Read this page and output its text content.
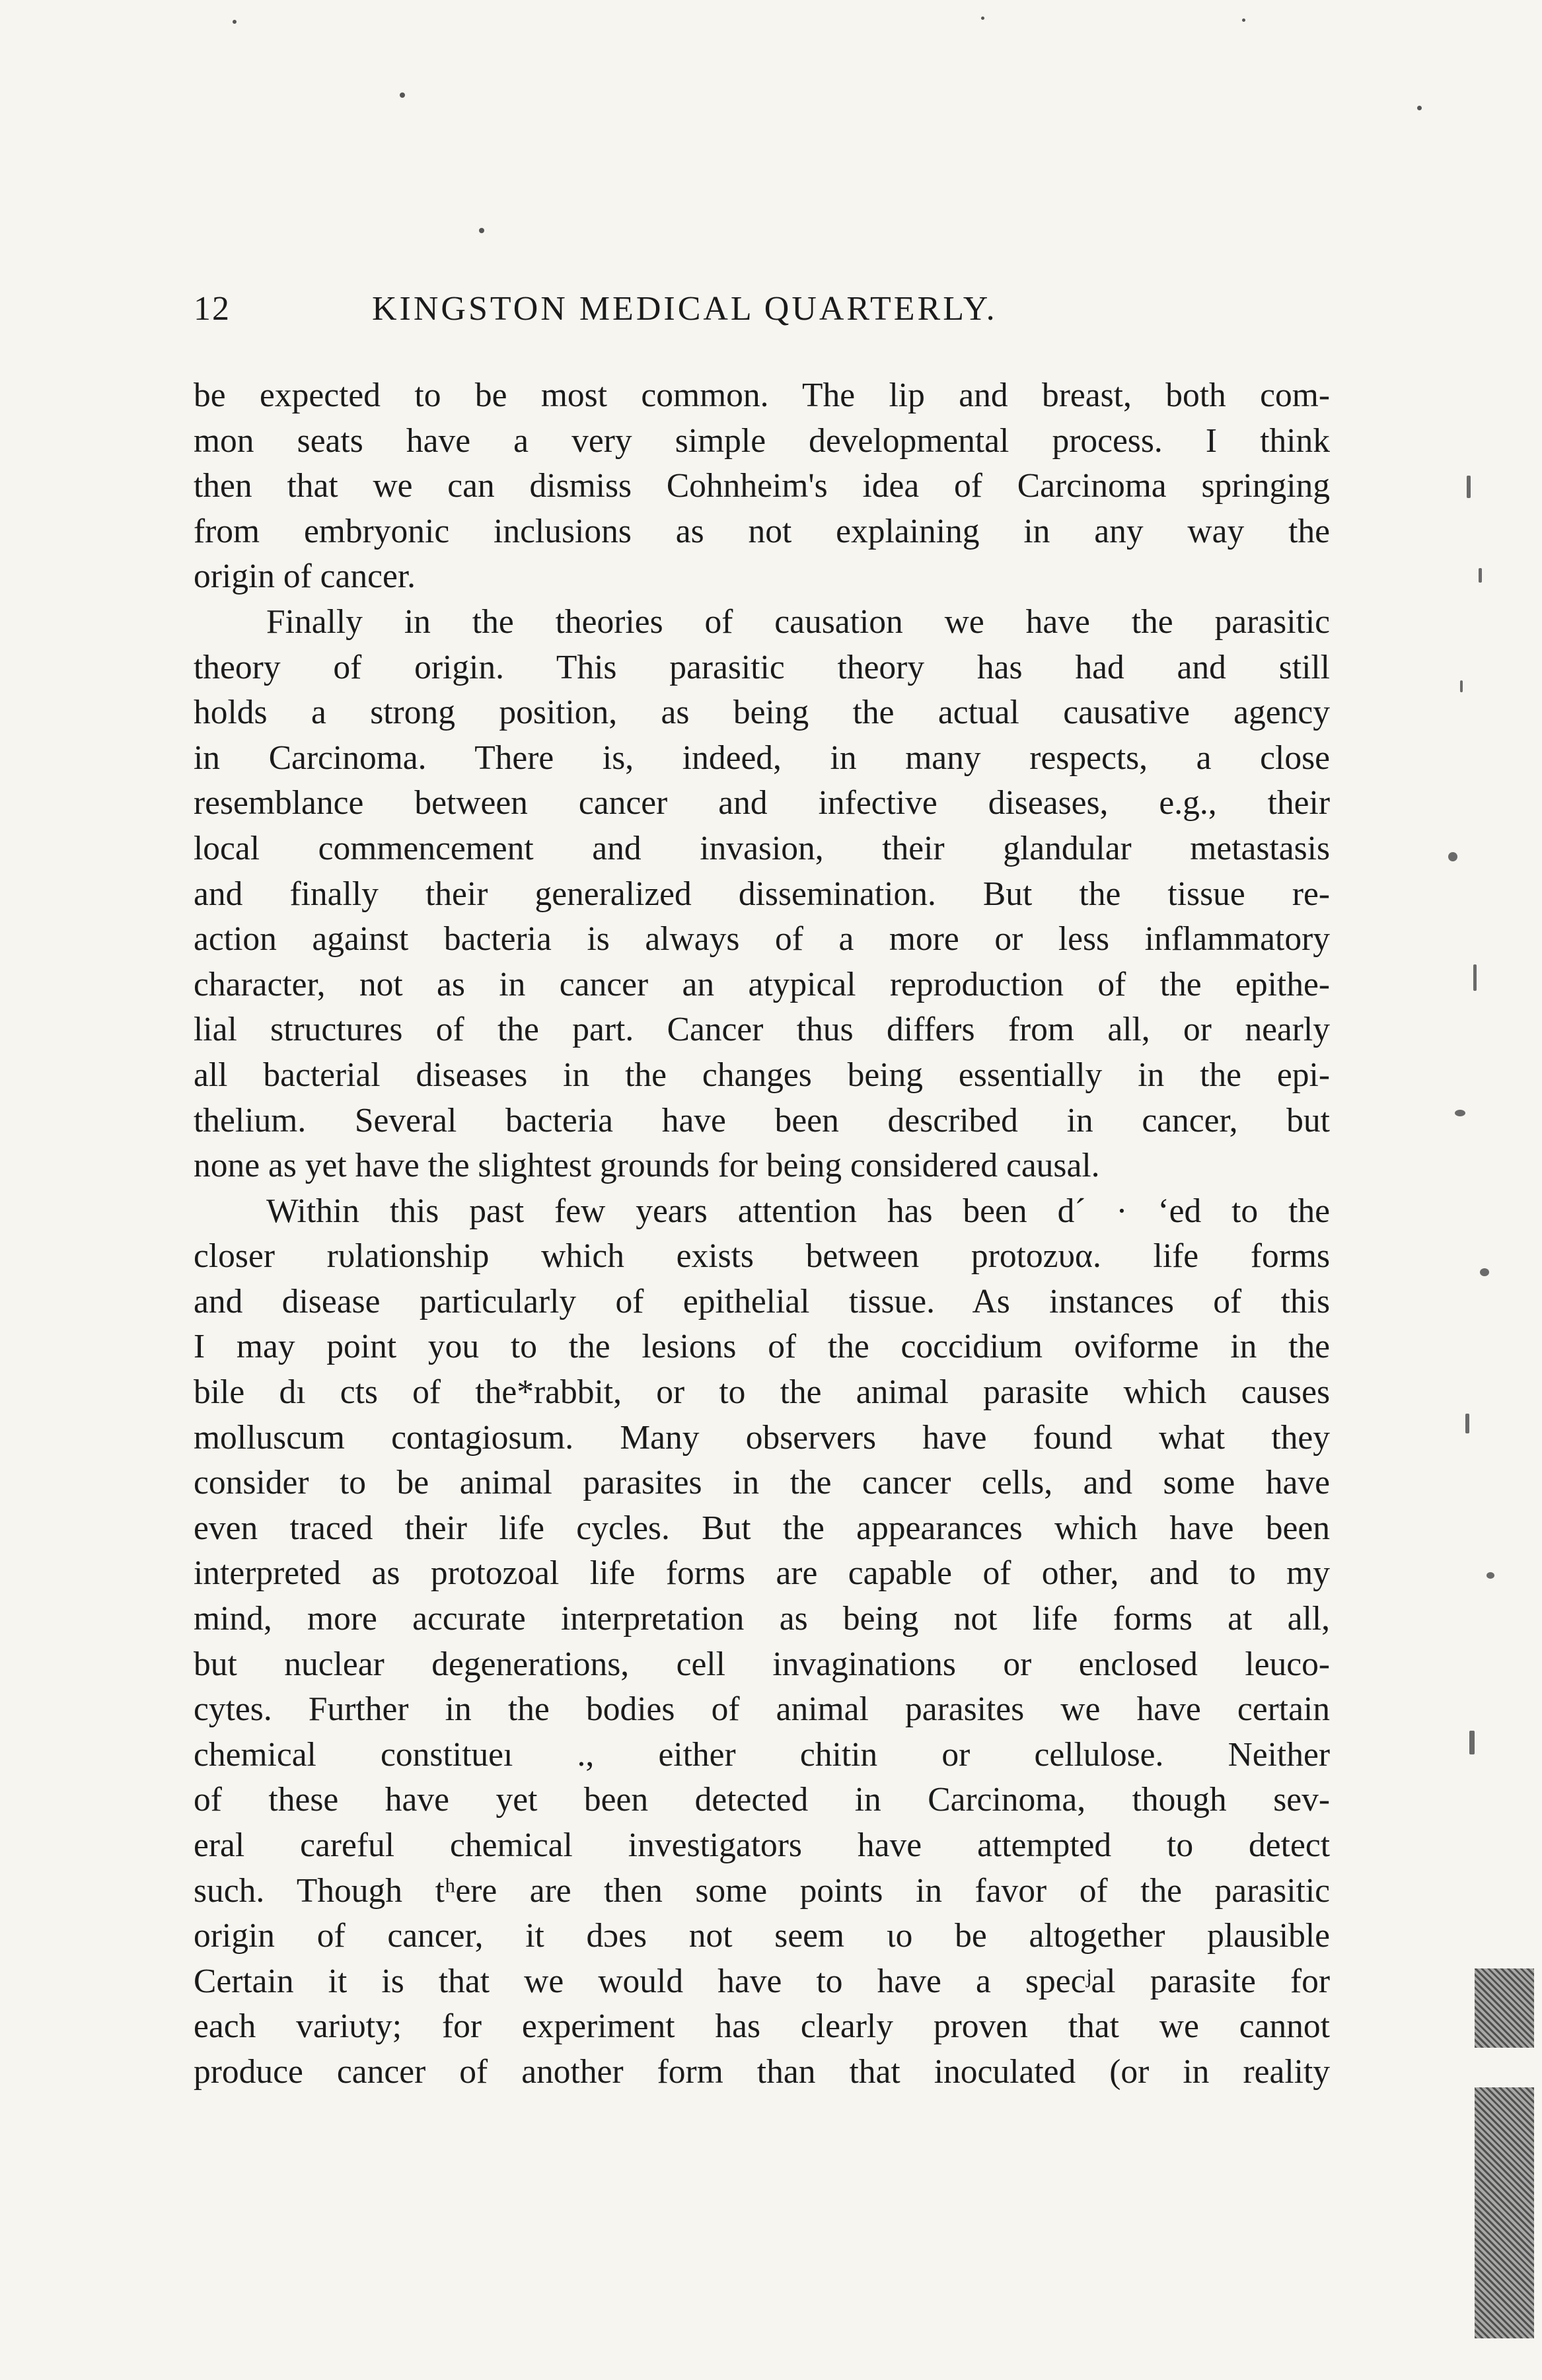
12	KINGSTON MEDICAL QUARTERLY.
be expected to be most common. The lip and breast, both com-
mon seats have a very simple developmental process. I think
then that we can dismiss Cohnheim's idea of Carcinoma springing
from embryonic inclusions as not explaining in any way the
origin of cancer.
Finally in the theories of causation we have the parasitic
theory of origin. This parasitic theory has had and still
holds a strong position, as being the actual causative agency
in Carcinoma. There is, indeed, in many respects, a close
resemblance between cancer and infective diseases, e.g., their
local commencement and invasion, their glandular metastasis
and finally their generalized dissemination. But the tissue re-
action against bacteria is always of a more or less inflammatory
character, not as in cancer an atypical reproduction of the epithe-
lial structures of the part. Cancer thus differs from all, or nearly
all bacterial diseases in the changes being essentially in the epi-
thelium. Several bacteria have been described in cancer, but
none as yet have the slightest grounds for being considered causal.
Within this past few years attention has been d´ · ʻed to the
closer rυlationship which exists between protozυα. life forms
and disease particularly of epithelial tissue. As instances of this
I may point you to the lesions of the coccidium oviforme in the
bile dı cts of the*rabbit, or to the animal parasite which causes
molluscum contagiosum. Many observers have found what they
consider to be animal parasites in the cancer cells, and some have
even traced their life cycles. But the appearances which have been
interpreted as protozoal life forms are capable of other, and to my
mind, more accurate interpretation as being not life forms at all,
but nuclear degenerations, cell invaginations or enclosed leuco-
cytes. Further in the bodies of animal parasites we have certain
chemical constitueı ., either chitin or cellulose. Neither
of these have yet been detected in Carcinoma, though sev-
eral careful chemical investigators have attempted to detect
such. Though tʰere are then some points in favor of the parasitic
origin of cancer, it dɔes not seem ιo be altogether plausible
Certain it is that we would have to have a specʲal parasite for
each variυty; for experiment has clearly proven that we cannot
produce cancer of another form than that inoculated (or in reality
